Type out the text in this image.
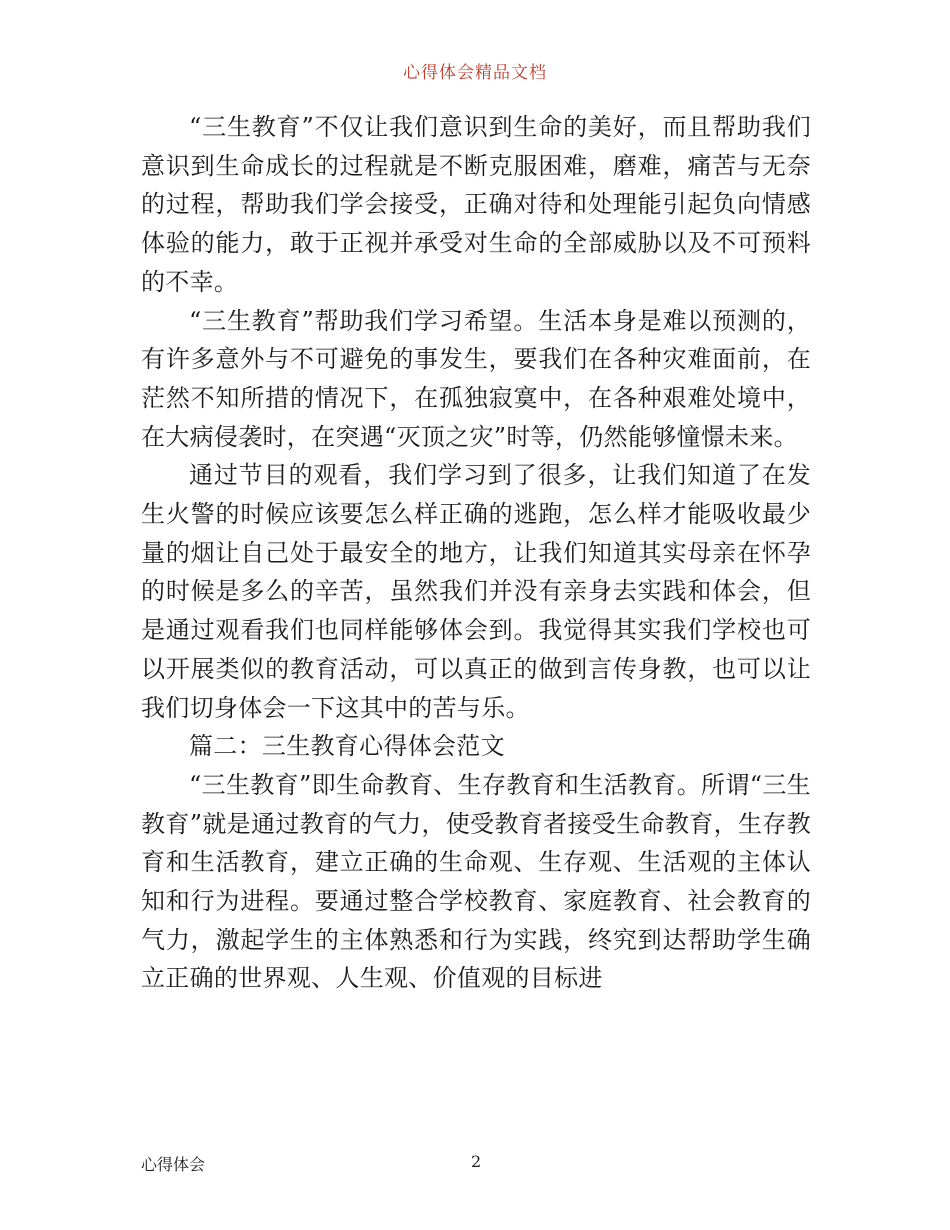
心得体会精品文档

“三生教育”不仅让我们意识到生命的美好，而且帮助我们意识到生命成长的过程就是不断克服困难，磨难，痛苦与无奈的过程，帮助我们学会接受，正确对待和处理能引起负向情感体验的能力，敢于正视并承受对生命的全部威胁以及不可预料的不幸。

“三生教育”帮助我们学习希望。生活本身是难以预测的，有许多意外与不可避免的事发生，要我们在各种灾难面前，在茫然不知所措的情况下，在孤独寂寞中，在各种艰难处境中，在大病侵袭时，在突遇“灭顶之灾”时等，仍然能够憧憬未来。

通过节目的观看，我们学习到了很多，让我们知道了在发生火警的时候应该要怎么样正确的逃跑，怎么样才能吸收最少量的烟让自己处于最安全的地方，让我们知道其实母亲在怀孕的时候是多么的辛苦，虽然我们并没有亲身去实践和体会，但是通过观看我们也同样能够体会到。我觉得其实我们学校也可以开展类似的教育活动，可以真正的做到言传身教，也可以让我们切身体会一下这其中的苦与乐。

篇二：三生教育心得体会范文

“三生教育”即生命教育、生存教育和生活教育。所谓“三生教育”就是通过教育的气力，使受教育者接受生命教育，生存教育和生活教育，建立正确的生命观、生存观、生活观的主体认知和行为进程。要通过整合学校教育、家庭教育、社会教育的气力，激起学生的主体熟悉和行为实践，终究到达帮助学生确立正确的世界观、人生观、价值观的目标进

心得体会	2
